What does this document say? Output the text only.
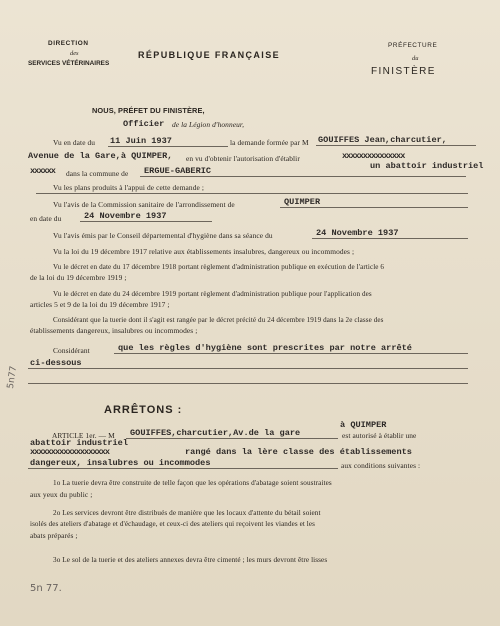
DIRECTION
des
SERVICES VÉTÉRINAIRES
RÉPUBLIQUE FRANÇAISE
PRÉFECTURE
du
FINISTÈRE
NOUS, PRÉFET DU FINISTÈRE,
Officier de la Légion d'honneur,
Vu en date du 11 Juin 1937	la demande formée par M GOUIFFES Jean,charcutier,
Avenue de la Gare,à QUIMPER, en vu d'obtenir l'autorisation d'établir	xxxxxxxxxxxxxxx
un abattoir industriel
xxxxxx dans la commune de ERGUE-GABERIC
Vu les plans produits à l'appui de cette demande ;
Vu l'avis de la Commission sanitaire de l'arrondissement de	QUIMPER
en date du	24 Novembre 1937
Vu l'avis émis par le Conseil départemental d'hygiène dans sa séance du	24 Novembre 1937
Vu la loi du 19 décembre 1917 relative aux établissements insalubres, dangereux ou incommodes ;
Vu le décret en date du 17 décembre 1918 portant règlement d'administration publique en exécution de l'article 6
de la loi du 19 décembre 1919 ;
Vu le décret en date du 24 décembre 1919 portant règlement d'administration publique pour l'application des
articles 5 et 9 de la loi du 19 décembre 1917 ;
Considérant que la tuerie dont il s'agit est rangée par le décret précité du 24 décembre 1919 dans la 2e classe des
établissements dangereux, insalubres ou incommodes ;
Considérant	que les règles d'hygiène sont prescrites par notre arrêté
ci-dessous
5n77
ARRÊTONS :
à QUIMPER
ARTICLE 1er. — M GOUIFFES,charcutier,Av.de la gare	est autorisé à établir une
abattoir industriel
xxxxxxxxxxxxxxxxxxx	rangé dans la lère classe des établissements
dangereux, insalubres ou incommodes	aux conditions suivantes :
1o La tuerie devra être construite de telle façon que les opérations d'abatage soient soustraites
aux yeux du public ;
2o Les services devront être distribués de manière que les locaux d'attente du bétail soient
isolés des ateliers d'abatage et d'échaudage, et ceux-ci des ateliers qui reçoivent les viandes et les
abats préparés ;
3o Le sol de la tuerie et des ateliers annexes devra être cimenté ; les murs devront être lisses
5n 77.
